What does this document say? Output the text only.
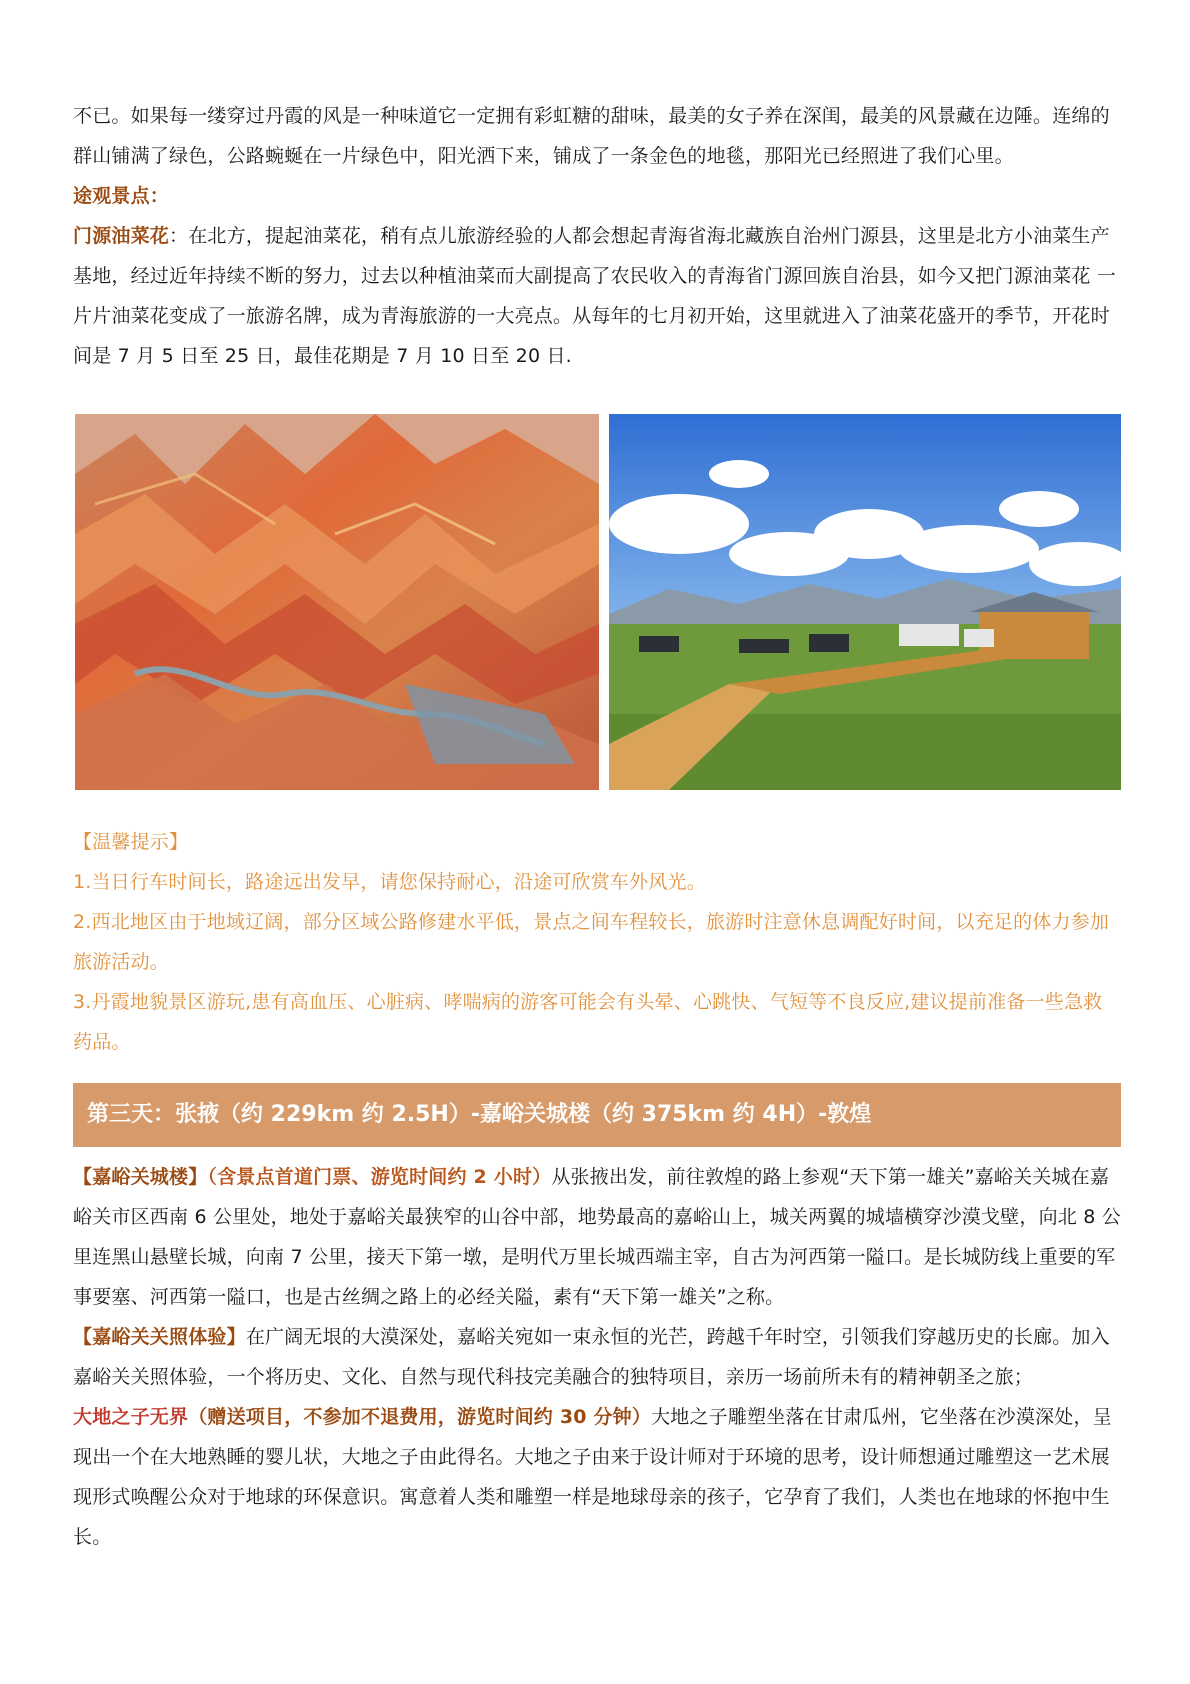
不已。如果每一缕穿过丹霞的风是一种味道它一定拥有彩虹糖的甜味，最美的女子养在深闺，最美的风景藏在边陲。连绵的群山铺满了绿色，公路蜿蜒在一片绿色中，阳光洒下来，铺成了一条金色的地毯，那阳光已经照进了我们心里。

途观景点：

门源油菜花：在北方，提起油菜花，稍有点儿旅游经验的人都会想起青海省海北藏族自治州门源县，这里是北方小油菜生产基地，经过近年持续不断的努力，过去以种植油菜而大副提高了农民收入的青海省门源回族自治县，如今又把门源油菜花 一片片油菜花变成了一旅游名牌，成为青海旅游的一大亮点。从每年的七月初开始，这里就进入了油菜花盛开的季节，开花时间是 7 月 5 日至 25 日，最佳花期是 7 月 10 日至 20 日.

【温馨提示】

1.当日行车时间长，路途远出发早，请您保持耐心，沿途可欣赏车外风光。

2.西北地区由于地域辽阔，部分区域公路修建水平低，景点之间车程较长，旅游时注意休息调配好时间，以充足的体力参加旅游活动。

3.丹霞地貌景区游玩,患有高血压、心脏病、哮喘病的游客可能会有头晕、心跳快、气短等不良反应,建议提前准备一些急救药品。

第三天：张掖（约 229km 约 2.5H）-嘉峪关城楼（约 375km 约 4H）-敦煌

【嘉峪关城楼】（含景点首道门票、游览时间约 2 小时）从张掖出发，前往敦煌的路上参观“天下第一雄关”嘉峪关关城在嘉峪关市区西南 6 公里处，地处于嘉峪关最狭窄的山谷中部，地势最高的嘉峪山上，城关两翼的城墙横穿沙漠戈壁，向北 8 公里连黑山悬壁长城，向南 7 公里，接天下第一墩，是明代万里长城西端主宰，自古为河西第一隘口。是长城防线上重要的军事要塞、河西第一隘口，也是古丝绸之路上的必经关隘，素有“天下第一雄关”之称。

【嘉峪关关照体验】在广阔无垠的大漠深处，嘉峪关宛如一束永恒的光芒，跨越千年时空，引领我们穿越历史的长廊。加入嘉峪关关照体验，一个将历史、文化、自然与现代科技完美融合的独特项目，亲历一场前所未有的精神朝圣之旅；

大地之子无界（赠送项目，不参加不退费用，游览时间约 30 分钟）大地之子雕塑坐落在甘肃瓜州，它坐落在沙漠深处，呈现出一个在大地熟睡的婴儿状，大地之子由此得名。大地之子由来于设计师对于环境的思考，设计师想通过雕塑这一艺术展现形式唤醒公众对于地球的环保意识。寓意着人类和雕塑一样是地球母亲的孩子，它孕育了我们，人类也在地球的怀抱中生长。
